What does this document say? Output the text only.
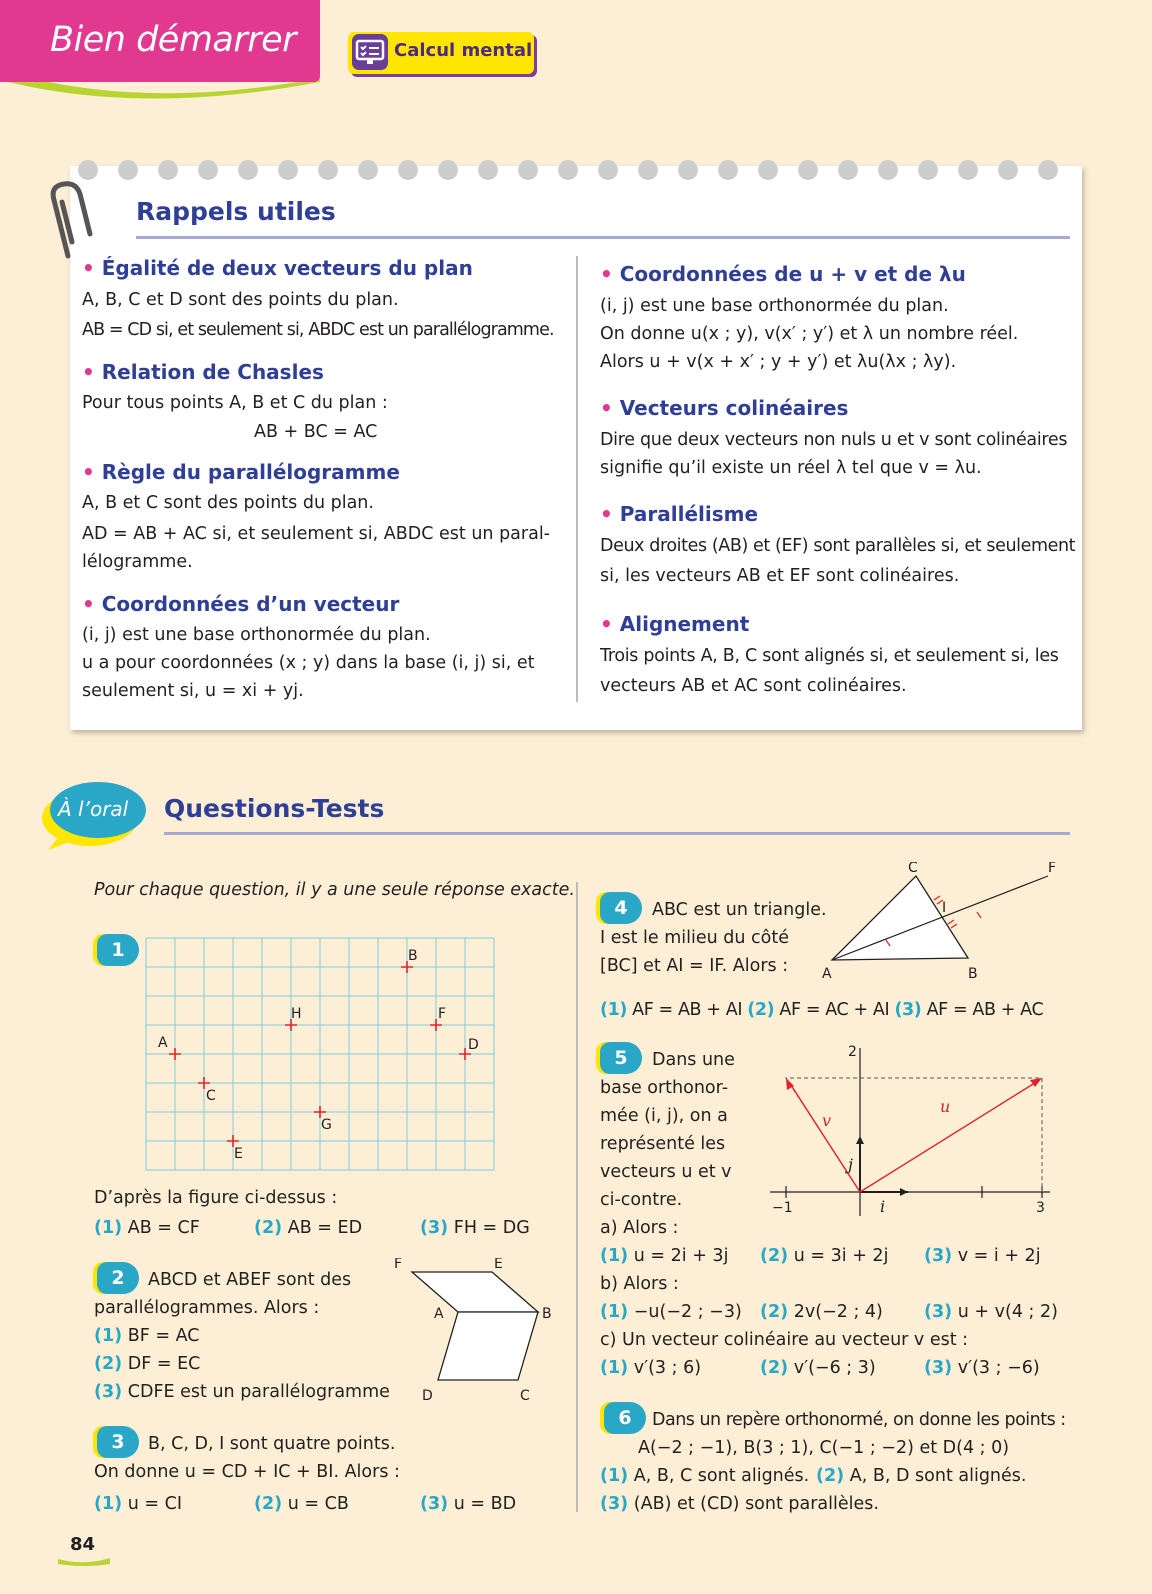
Bien démarrer	Calcul mental
Rappels utiles
• Égalité de deux vecteurs du plan
A, B, C et D sont des points du plan.
AB = CD si, et seulement si, ABDC est un parallélogramme.
• Relation de Chasles
Pour tous points A, B et C du plan :
AB + BC = AC
• Règle du parallélogramme
A, B et C sont des points du plan.
AD = AB + AC si, et seulement si, ABDC est un paral-
lélogramme.
• Coordonnées d’un vecteur
(i, j) est une base orthonormée du plan.
u a pour coordonnées (x ; y) dans la base (i, j) si, et
seulement si, u = xi + yj.
• Coordonnées de u + v et de λu
(i, j) est une base orthonormée du plan.
On donne u(x ; y), v(x′ ; y′) et λ un nombre réel.
Alors u + v(x + x′ ; y + y′) et λu(λx ; λy).
• Vecteurs colinéaires
Dire que deux vecteurs non nuls u et v sont colinéaires
signifie qu’il existe un réel λ tel que v = λu.
• Parallélisme
Deux droites (AB) et (EF) sont parallèles si, et seulement
si, les vecteurs AB et EF sont colinéaires.
• Alignement
Trois points A, B, C sont alignés si, et seulement si, les
vecteurs AB et AC sont colinéaires.
À l’oral Questions-Tests
Pour chaque question, il y a une seule réponse exacte.
1
A
B
C
D
E
F
G
H
D’après la figure ci-dessus :
(1) AB = CF	(2) AB = ED	(3) FH = DG
2	ABCD et ABEF sont des
parallélogrammes. Alors :
(1) BF = AC
(2) DF = EC
(3) CDFE est un parallélogramme
F	E
A	B
D	C
3	B, C, D, I sont quatre points.
On donne u = CD + IC + BI. Alors :
(1) u = CI	(2) u = CB	(3) u = BD
4	ABC est un triangle.
I est le milieu du côté
[BC] et AI = IF. Alors :
C	F
I
A	B
(1) AF = AB + AI (2) AF = AC + AI (3) AF = AB + AC
5	Dans une
base orthonor-
mée (i, j), on a
représenté les
vecteurs u et v
ci-contre.
2
−1	3
u
v
i
j
a) Alors :
(1) u = 2i + 3j (2) u = 3i + 2j (3) v = i + 2j
b) Alors :
(1) −u(−2 ; −3) (2) 2v(−2 ; 4) (3) u + v(4 ; 2)
c) Un vecteur colinéaire au vecteur v est :
(1) v′(3 ; 6)	(2) v′(−6 ; 3)	(3) v′(3 ; −6)
6	Dans un repère orthonormé, on donne les points :
A(−2 ; −1), B(3 ; 1), C(−1 ; −2) et D(4 ; 0)
(1) A, B, C sont alignés. (2) A, B, D sont alignés.
(3) (AB) et (CD) sont parallèles.
84
